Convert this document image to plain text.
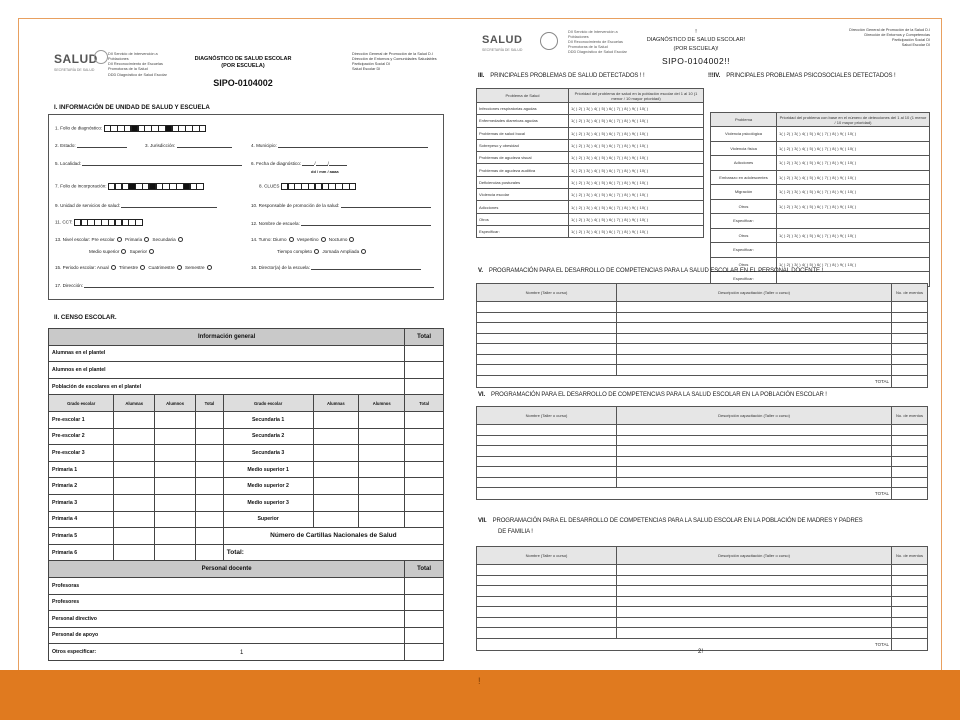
SALUD
SECRETARÍA DE SALUD
DII Servicio de Intervención a
Poblaciones
DII Reconocimiento de Escuelas
Promotoras de la Salud
DDD Diagnóstico de Salud Escolar
DIAGNÓSTICO DE SALUD ESCOLAR
(POR ESCUELA)
SIPO-0104002
Dirección General de Promoción de la Salud D.I
Dirección de Entornos y Comunidades Saludables
Participación Social DI
Salud Escolar DI
I. INFORMACIÓN DE UNIDAD DE SALUD Y ESCUELA
1. Folio de diagnóstico:
2. Estado:	3. Jurisdicción:	4. Municipio:
5. Localidad:	6. Fecha de diagnóstico:	/	/
dd / mm / aaaa
7. Folio de incorporación:	8. CLUES
9. Unidad de servicios de salud:	10. Responsable de promoción de la salud:
11. CCT:	12. Nombre de escuela:
13. Nivel escolar: Pre escolar Primaria Secundaria
Medio superior Superior
14. Turno: Diurno Vespertino Nocturno
Tiempo completo Jornada Ampliada
15. Periodo escolar: Anual Trimestre Cuatrimestre Semestre	16. Director(a) de la escuela:
17. Dirección:
II. CENSO ESCOLAR.
Información general							Total
Alumnas en el plantel							
Alumnos en el plantel							
Población de escolares en el plantel							
Grado escolar	Alumnas	Alumnos	Total	Grado escolar	Alumnas	Alumnos	Total
Pre-escolar 1				Secundaria 1			
Pre-escolar 2				Secundaria 2			
Pre-escolar 3				Secundaria 3			
Primaria 1				Medio superior 1			
Primaria 2				Medio superior 2			
Primaria 3				Medio superior 3			
Primaria 4				Superior			
Primaria 5				Número de Cartillas Nacionales de Salud			
Primaria 6				Total:			
Personal docente							Total
Profesoras							
Profesores							
Personal directivo							
Personal de apoyo							
Otros especificar:								1
SALUD
SECRETARÍA DE SALUD
DII Servicio de Intervención a
Poblaciones
DII Reconocimiento de Escuelas
Promotoras de la Salud
DDD Diagnóstico de Salud Escolar
!
DIAGNÓSTICO DE SALUD ESCOLAR!
(POR ESCUELA)!
SIPO-0104002!!
Dirección General de Promoción de la Salud D.I
Dirección de Entornos y Competencias
Participación Social DI
Salud Escolar DI
III. PRINCIPALES PROBLEMAS DE SALUD DETECTADOS ! !	!!!IV. PRINCIPALES PROBLEMAS PSICOSOCIALES DETECTADOS !
Problema de Salud	Prioridad del problema de salud en la población escolar del 1 al 10 (1 menor / 10 mayor prioridad)
Infecciones respiratorias agudas	1( ) 2( ) 3( ) 4( ) 5( ) 6( ) 7( ) 8( ) 9( ) 10( )
Enfermedades diarreicas agudas	1( ) 2( ) 3( ) 4( ) 5( ) 6( ) 7( ) 8( ) 9( ) 10( )
Problemas de salud bucal	1( ) 2( ) 3( ) 4( ) 5( ) 6( ) 7( ) 8( ) 9( ) 10( )
Sobrepeso y obesidad	1( ) 2( ) 3( ) 4( ) 5( ) 6( ) 7( ) 8( ) 9( ) 10( )
Problemas de agudeza visual	1( ) 2( ) 3( ) 4( ) 5( ) 6( ) 7( ) 8( ) 9( ) 10( )
Problemas de agudeza auditiva	1( ) 2( ) 3( ) 4( ) 5( ) 6( ) 7( ) 8( ) 9( ) 10( )
Deficiencias posturales	1( ) 2( ) 3( ) 4( ) 5( ) 6( ) 7( ) 8( ) 9( ) 10( )
Violencia escolar	1( ) 2( ) 3( ) 4( ) 5( ) 6( ) 7( ) 8( ) 9( ) 10( )
Adicciones	1( ) 2( ) 3( ) 4( ) 5( ) 6( ) 7( ) 8( ) 9( ) 10( )
Otros	1( ) 2( ) 3( ) 4( ) 5( ) 6( ) 7( ) 8( ) 9( ) 10( )
Especificar:	1( ) 2( ) 3( ) 4( ) 5( ) 6( ) 7( ) 8( ) 9( ) 10( )
Problema	Prioridad del problema con base en el número de detecciones del 1 al 10 (1 menor / 10 mayor prioridad)
Violencia psicológica	1( ) 2( ) 3( ) 4( ) 5( ) 6( ) 7( ) 8( ) 9( ) 10( )
Violencia física	1( ) 2( ) 3( ) 4( ) 5( ) 6( ) 7( ) 8( ) 9( ) 10( )
Adicciones	1( ) 2( ) 3( ) 4( ) 5( ) 6( ) 7( ) 8( ) 9( ) 10( )
Embarazo en adolescentes	1( ) 2( ) 3( ) 4( ) 5( ) 6( ) 7( ) 8( ) 9( ) 10( )
Migración	1( ) 2( ) 3( ) 4( ) 5( ) 6( ) 7( ) 8( ) 9( ) 10( )
Otros	1( ) 2( ) 3( ) 4( ) 5( ) 6( ) 7( ) 8( ) 9( ) 10( )
Especificar:	
Otros	1( ) 2( ) 3( ) 4( ) 5( ) 6( ) 7( ) 8( ) 9( ) 10( )
Especificar:	
Otros	1( ) 2( ) 3( ) 4( ) 5( ) 6( ) 7( ) 8( ) 9( ) 10( )
Especificar:	
V. PROGRAMACIÓN PARA EL DESARROLLO DE COMPETENCIAS PARA LA SALUD ESCOLAR EN EL PERSONAL DOCENTE !
Nombre (Taller o curso)	Descripción capacitación (Taller o curso)	No. de eventos

TOTAL		
VI. PROGRAMACIÓN PARA EL DESARROLLO DE COMPETENCIAS PARA LA SALUD ESCOLAR EN LA POBLACIÓN ESCOLAR !
Nombre (Taller o curso)	Descripción capacitación (Taller o curso)	No. de eventos

TOTAL		
VII. PROGRAMACIÓN PARA EL DESARROLLO DE COMPETENCIAS PARA LA SALUD ESCOLAR EN LA POBLACIÓN DE MADRES Y PADRES
DE FAMILIA !
Nombre (Taller o curso)	Descripción capacitación (Taller o curso)	No. de eventos

TOTAL		
2!
!
